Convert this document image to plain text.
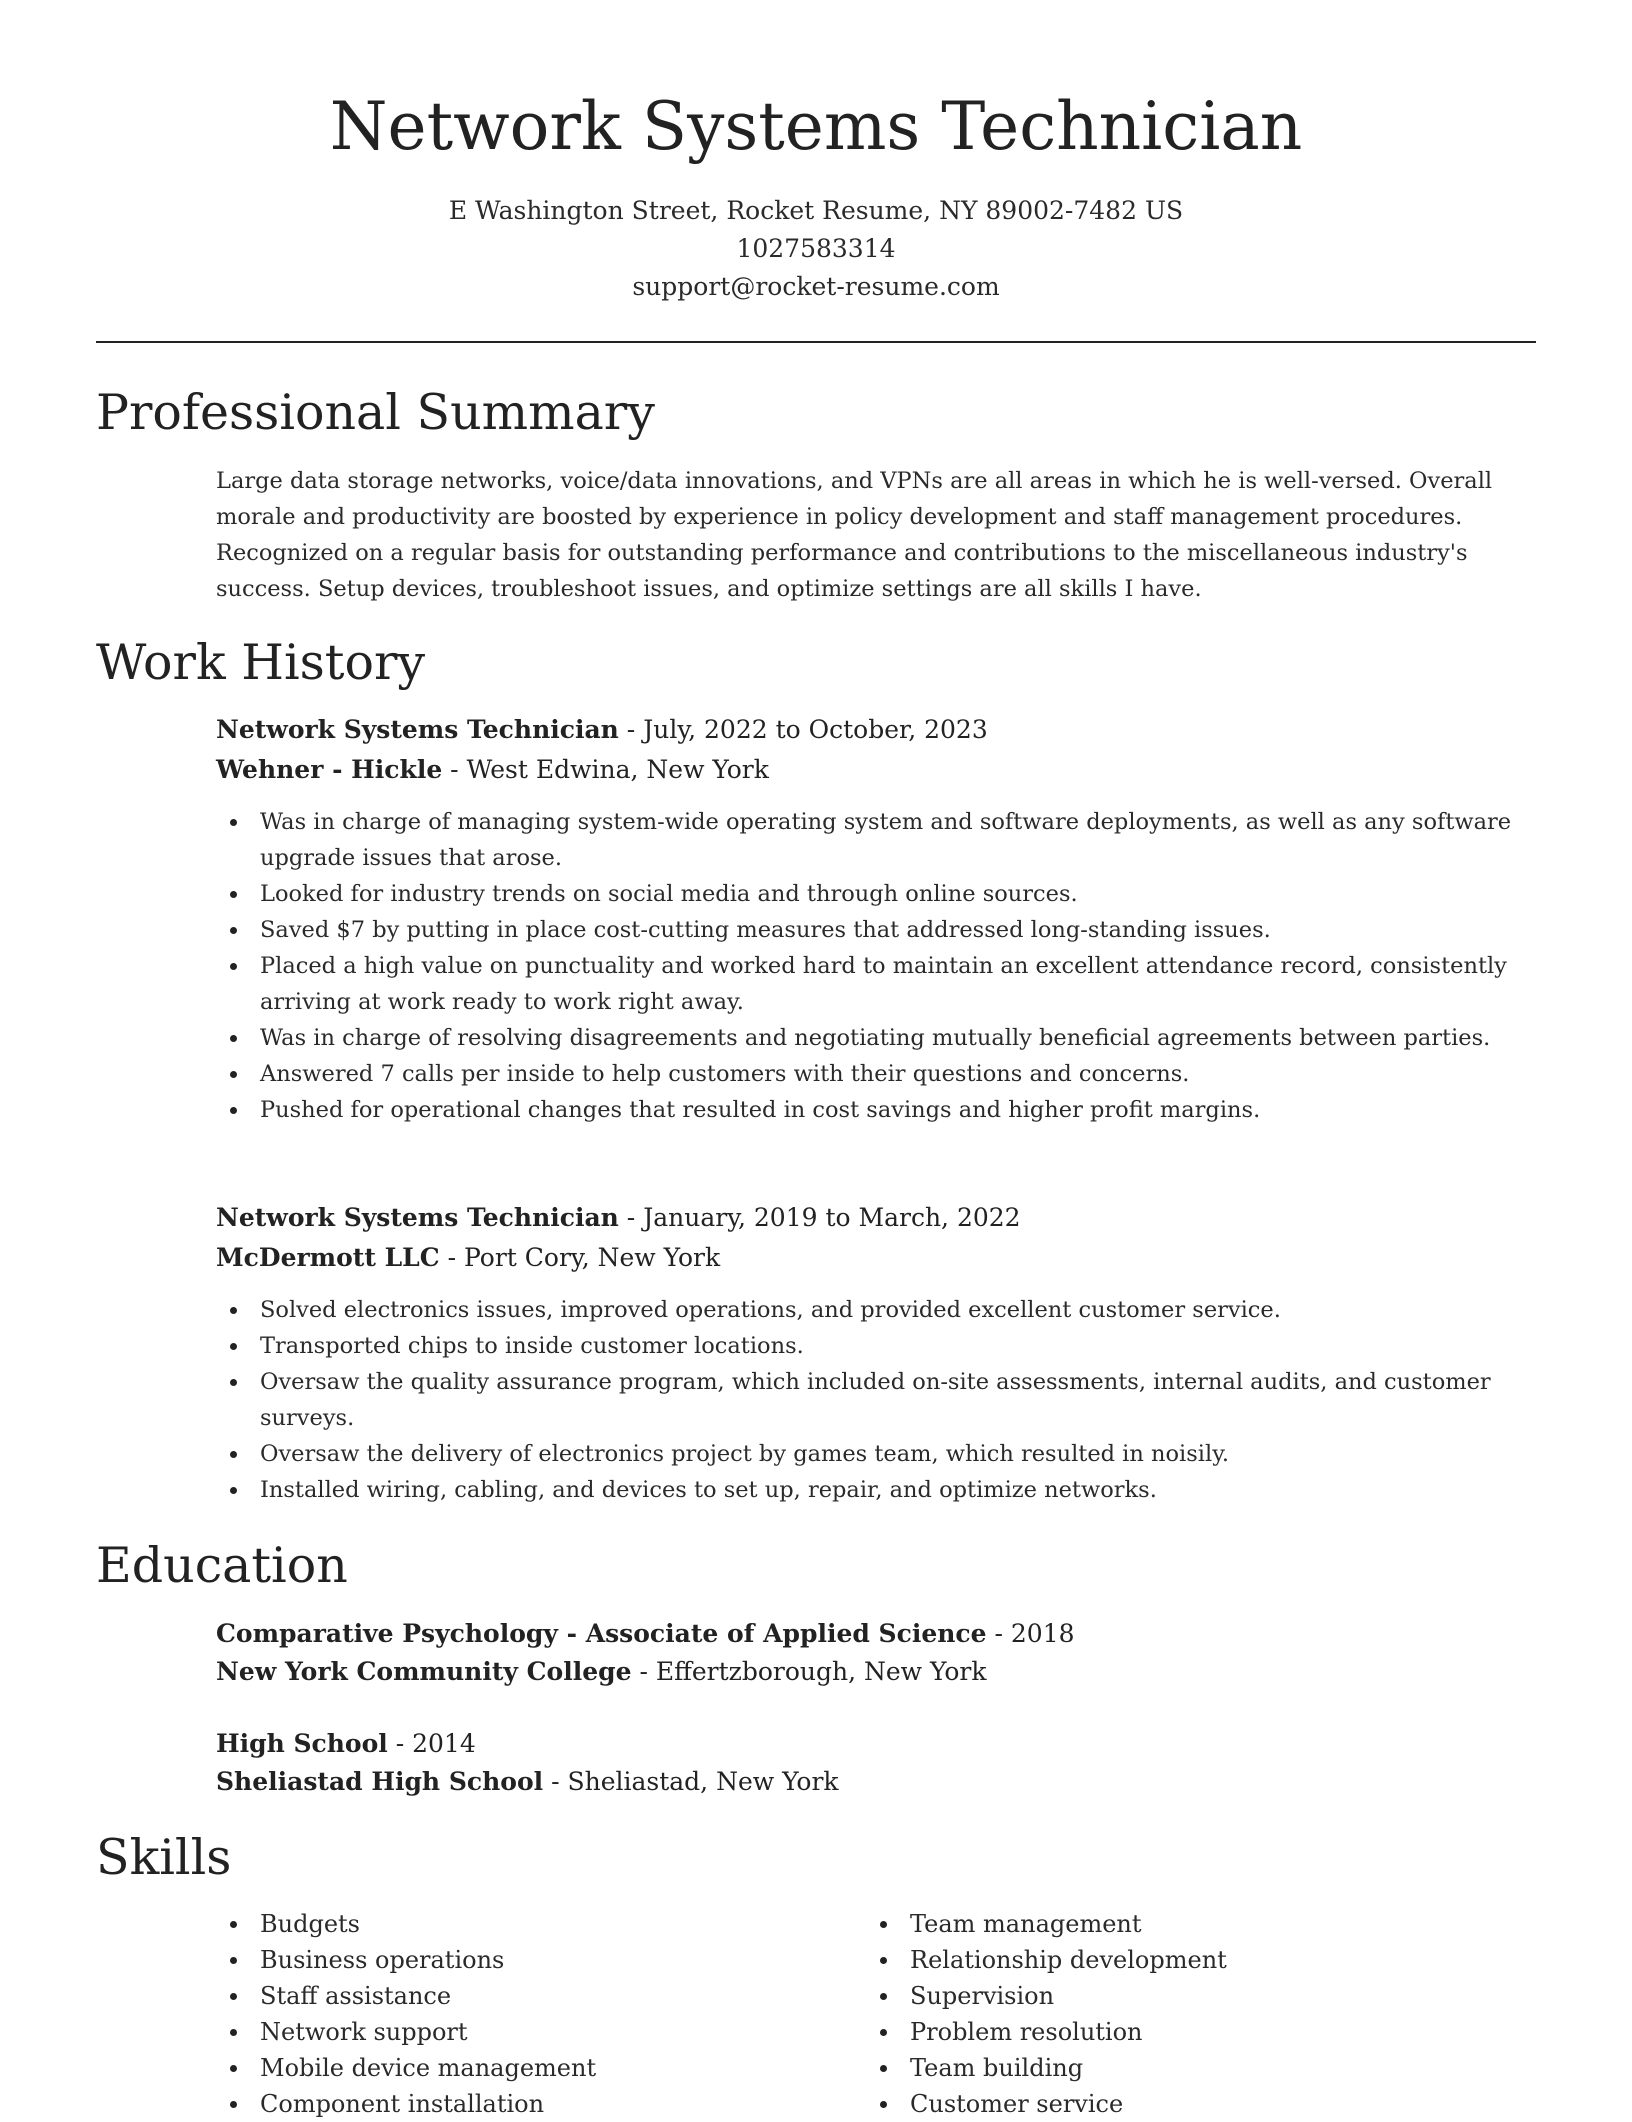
Network Systems Technician
E Washington Street, Rocket Resume, NY 89002-7482 US
1027583314
support@rocket-resume.com
Professional Summary
Large data storage networks, voice/data innovations, and VPNs are all areas in which he is well-versed. Overall morale and productivity are boosted by experience in policy development and staff management procedures. Recognized on a regular basis for outstanding performance and contributions to the miscellaneous industry's success. Setup devices, troubleshoot issues, and optimize settings are all skills I have.
Work History
Network Systems Technician - July, 2022 to October, 2023
Wehner - Hickle - West Edwina, New York
Was in charge of managing system-wide operating system and software deployments, as well as any software upgrade issues that arose.
Looked for industry trends on social media and through online sources.
Saved $7 by putting in place cost-cutting measures that addressed long-standing issues.
Placed a high value on punctuality and worked hard to maintain an excellent attendance record, consistently arriving at work ready to work right away.
Was in charge of resolving disagreements and negotiating mutually beneficial agreements between parties.
Answered 7 calls per inside to help customers with their questions and concerns.
Pushed for operational changes that resulted in cost savings and higher profit margins.
Network Systems Technician - January, 2019 to March, 2022
McDermott LLC - Port Cory, New York
Solved electronics issues, improved operations, and provided excellent customer service.
Transported chips to inside customer locations.
Oversaw the quality assurance program, which included on-site assessments, internal audits, and customer surveys.
Oversaw the delivery of electronics project by games team, which resulted in noisily.
Installed wiring, cabling, and devices to set up, repair, and optimize networks.
Education
Comparative Psychology - Associate of Applied Science - 2018
New York Community College - Effertzborough, New York
High School - 2014
Sheliastad High School - Sheliastad, New York
Skills
Budgets
Business operations
Staff assistance
Network support
Mobile device management
Component installation
Team management
Relationship development
Supervision
Problem resolution
Team building
Customer service
